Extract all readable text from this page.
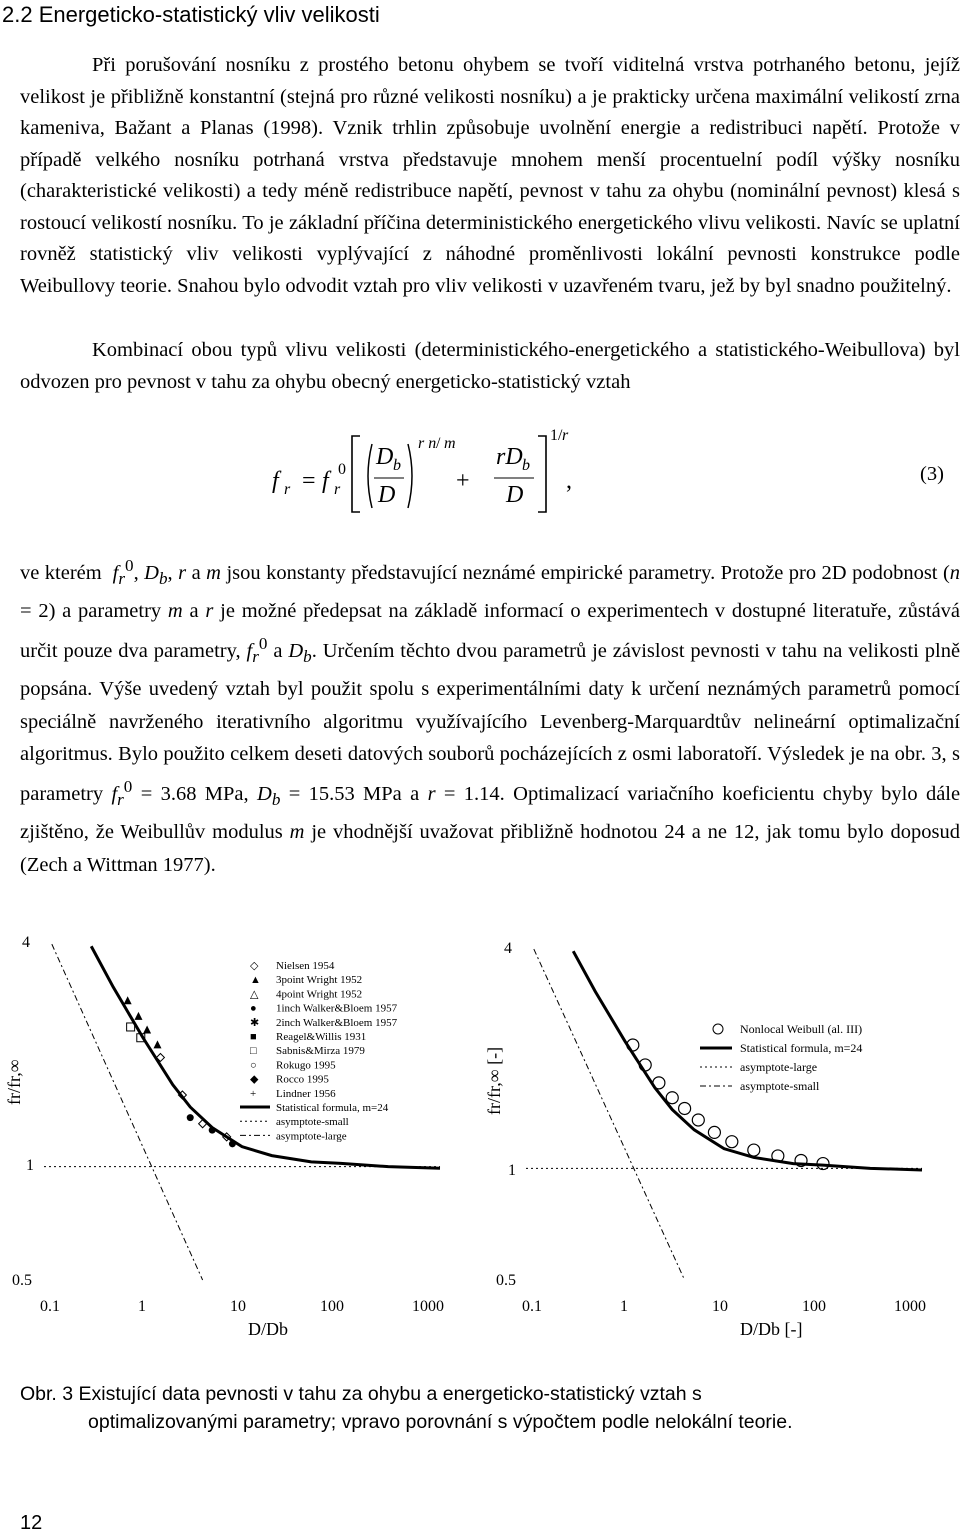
2.2 Energeticko-statistický vliv velikosti
Při porušování nosníku z prostého betonu ohybem se tvoří viditelná vrstva potrhaného betonu, jejíž velikost je přibližně konstantní (stejná pro různé velikosti nosníku) a je prakticky určena maximální velikostí zrna kameniva, Bažant a Planas (1998). Vznik trhlin způsobuje uvolnění energie a redistribuci napětí. Protože v případě velkého nosníku potrhaná vrstva představuje mnohem menší procentuelní podíl výšky nosníku (charakteristické velikosti) a tedy méně redistribuce napětí, pevnost v tahu za ohybu (nominální pevnost) klesá s rostoucí velikostí nosníku. To je základní příčina deterministického energetického vlivu velikosti. Navíc se uplatní rovněž statistický vliv velikosti vyplývající z náhodné proměnlivosti lokální pevnosti konstrukce podle Weibullovy teorie. Snahou bylo odvodit vztah pro vliv velikosti v uzavřeném tvaru, jež by byl snadno použitelný.
Kombinací obou typů vlivu velikosti (deterministického-energetického a statistického-Weibullova) byl odvozen pro pevnost v tahu za ohybu obecný energeticko-statistický vztah
f r = f r
0 D b
D
r n / m
+
rD b
D
1/ r
,	(3)
ve kterém $f_r^0$, $D_b$, r a m jsou konstanty představující neznámé empirické parametry. Protože pro 2D podobnost (n = 2) a parametry m a r je možné předepsat na základě informací o experimentech v dostupné literatuře, zůstává určit pouze dva parametry, $f_r^0$ a $D_b$. Určením těchto dvou parametrů je závislost pevnosti v tahu na velikosti plně popsána. Výše uvedený vztah byl použit spolu s experimentálními daty k určení neznámých parametrů pomocí speciálně navrženého iterativního algoritmu využívajícího Levenberg-Marquardtův nelineární optimalizační algoritmus. Bylo použito celkem deseti datových souborů pocházejících z osmi laboratoří. Výsledek je na obr. 3, s parametry $f_r^0 = 3.68$ MPa, $D_b = 15.53$ MPa a r = 1.14. Optimalizací variačního koeficientu chyby bylo dále zjištěno, že Weibullův modulus m je vhodnější uvažovat přibližně hodnotou 24 a ne 12, jak tomu bylo doposud (Zech a Wittman 1977).
4
1
0.5
fr/fr,∞
0.1	1	10	100	1000
D/Db
◇ Nielsen 1954
▲ 3point Wright 1952
△ 4point Wright 1952
● 1inch Walker&Bloem 1957
✱ 2inch Walker&Bloem 1957
■ Reagel&Willis 1931
□ Sabnis&Mirza 1979
○ Rokugo 1995
◆ Rocco 1995
+ Lindner 1956
Statistical formula, m=24
asymptote-small
asymptote-large
4
1
0.5
fr/fr,∞ [-]
0.1	1	10	100	1000
D/Db [-]
Nonlocal Weibull (al. III)
Statistical formula, m=24
asymptote-large
asymptote-small
Obr. 3 Existující data pevnosti v tahu za ohybu a energeticko-statistický vztah s
optimalizovanými parametry; vpravo porovnání s výpočtem podle nelokální teorie.
12
